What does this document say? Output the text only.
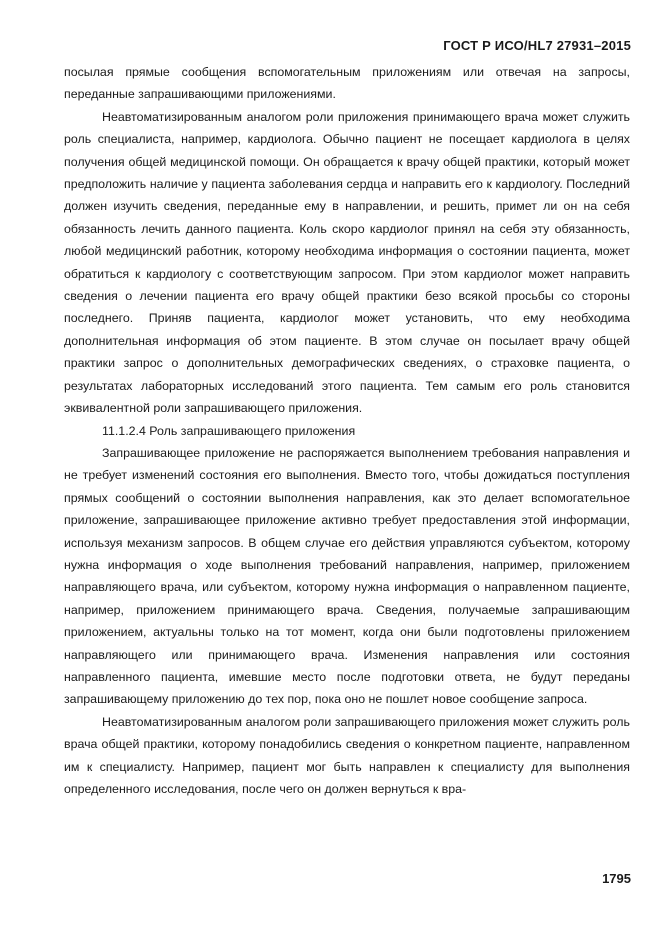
ГОСТ Р ИСО/HL7 27931–2015

посылая прямые сообщения вспомогательным приложениям или отвечая на запросы, переданные запрашивающими приложениями.

Неавтоматизированным аналогом роли приложения принимающего врача может служить роль специалиста, например, кардиолога. Обычно пациент не посещает кардиолога в целях получения общей медицинской помощи. Он обращается к врачу общей практики, который может предположить наличие у пациента заболевания сердца и направить его к кардиологу. Последний должен изучить сведения, переданные ему в направлении, и решить, примет ли он на себя обязанность лечить данного пациента. Коль скоро кардиолог принял на себя эту обязанность, любой медицинский работник, которому необходима информация о состоянии пациента, может обратиться к кардиологу с соответствующим запросом. При этом кардиолог может направить сведения о лечении пациента его врачу общей практики безо всякой просьбы со стороны последнего. Приняв пациента, кардиолог может установить, что ему необходима дополнительная информация об этом пациенте. В этом случае он посылает врачу общей практики запрос о дополнительных демографических сведениях, о страховке пациента, о результатах лабораторных исследований этого пациента. Тем самым его роль становится эквивалентной роли запрашивающего приложения.

11.1.2.4 Роль запрашивающего приложения

Запрашивающее приложение не распоряжается выполнением требования направления и не требует изменений состояния его выполнения. Вместо того, чтобы дожидаться поступления прямых сообщений о состоянии выполнения направления, как это делает вспомогательное приложение, запрашивающее приложение активно требует предоставления этой информации, используя механизм запросов. В общем случае его действия управляются субъектом, которому нужна информация о ходе выполнения требований направления, например, приложением направляющего врача, или субъектом, которому нужна информация о направленном пациенте, например, приложением принимающего врача. Сведения, получаемые запрашивающим приложением, актуальны только на тот момент, когда они были подготовлены приложением направляющего или принимающего врача. Изменения направления или состояния направленного пациента, имевшие место после подготовки ответа, не будут переданы запрашивающему приложению до тех пор, пока оно не пошлет новое сообщение запроса.

Неавтоматизированным аналогом роли запрашивающего приложения может служить роль врача общей практики, которому понадобились сведения о конкретном пациенте, направленном им к специалисту. Например, пациент мог быть направлен к специалисту для выполнения определенного исследования, после чего он должен вернуться к вра-

1795
